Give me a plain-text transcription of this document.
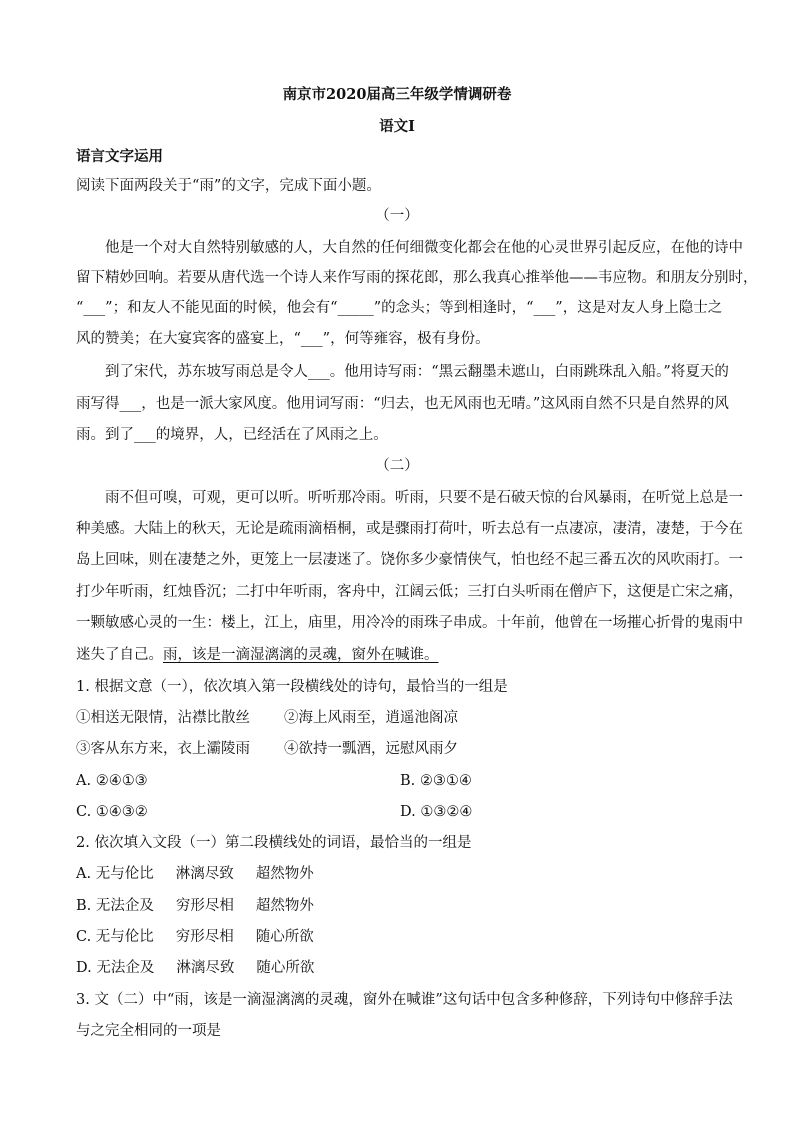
南京市2020届高三年级学情调研卷
语文Ⅰ
语言文字运用
阅读下面两段关于“雨”的文字，完成下面小题。
（一）
他是一个对大自然特别敏感的人，大自然的任何细微变化都会在他的心灵世界引起反应，在他的诗中
留下精妙回响。若要从唐代选一个诗人来作写雨的探花郎，那么我真心推举他——韦应物。和朋友分别时，
“___”；和友人不能见面的时候，他会有“_____”的念头；等到相逢时，“___”，这是对友人身上隐士之
风的赞美；在大宴宾客的盛宴上，“___”，何等雍容，极有身份。
到了宋代，苏东坡写雨总是令人___。他用诗写雨：“黑云翻墨未遮山，白雨跳珠乱入船。”将夏天的
雨写得___，也是一派大家风度。他用词写雨：“归去，也无风雨也无晴。”这风雨自然不只是自然界的风
雨。到了___的境界，人，已经活在了风雨之上。
（二）
雨不但可嗅，可观，更可以听。听听那冷雨。听雨，只要不是石破天惊的台风暴雨，在听觉上总是一
种美感。大陆上的秋天，无论是疏雨滴梧桐，或是骤雨打荷叶，听去总有一点凄凉，凄清，凄楚，于今在
岛上回味，则在凄楚之外，更笼上一层凄迷了。饶你多少豪情侠气，怕也经不起三番五次的风吹雨打。一
打少年听雨，红烛昏沉；二打中年听雨，客舟中，江阔云低；三打白头听雨在僧庐下，这便是亡宋之痛，
一颗敏感心灵的一生：楼上，江上，庙里，用冷冷的雨珠子串成。十年前，他曾在一场摧心折骨的鬼雨中
迷失了自己。雨，该是一滴湿漓漓的灵魂，窗外在喊谁。
1. 根据文意（一），依次填入第一段横线处的诗句，最恰当的一组是
①相送无限情，沾襟比散丝 ②海上风雨至，逍遥池阁凉
③客从东方来，衣上灞陵雨 ④欲持一瓢酒，远慰风雨夕
A. ②④①③	B. ②③①④
C. ①④③②	D. ①③②④
2. 依次填入文段（一）第二段横线处的词语，最恰当的一组是
A. 无与伦比 淋漓尽致 超然物外
B. 无法企及 穷形尽相 超然物外
C. 无与伦比 穷形尽相 随心所欲
D. 无法企及 淋漓尽致 随心所欲
3. 文（二）中“雨，该是一滴湿漓漓的灵魂，窗外在喊谁”这句话中包含多种修辞，下列诗句中修辞手法
与之完全相同的一项是
